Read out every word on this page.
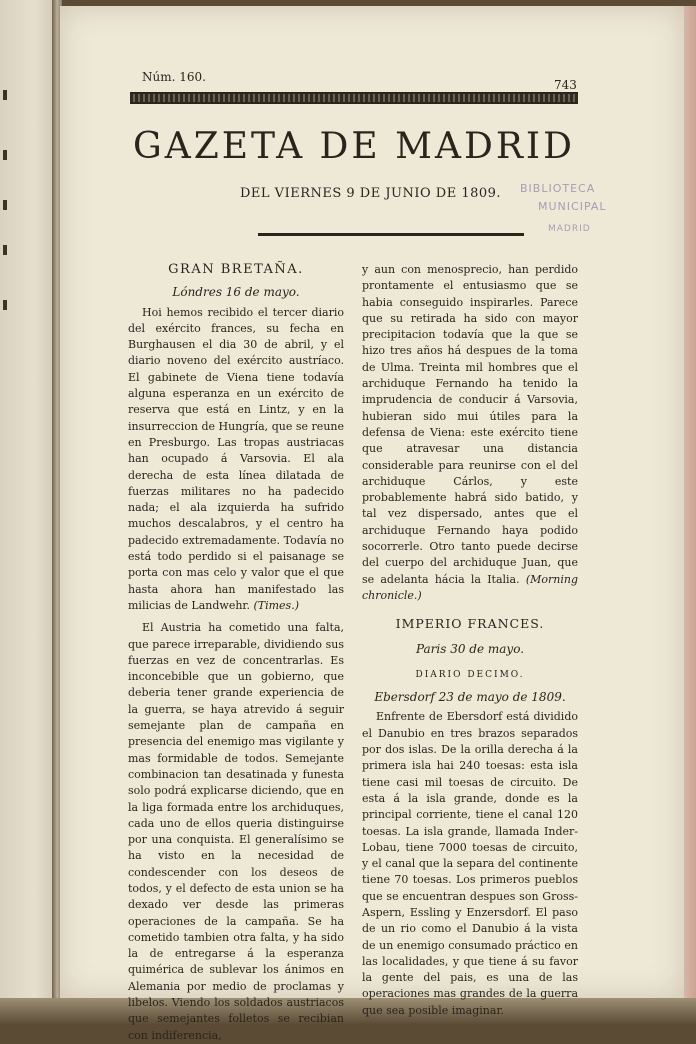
Núm. 160.
743
GAZETA DE MADRID
DEL VIERNES 9 DE JUNIO DE 1809. BIBLIOTECA
MUNICIPAL
MADRID
GRAN BRETAÑA.
Lóndres 16 de mayo.

Hoi hemos recibido el tercer diario del exército frances, su fecha en Burghausen el dia 30 de abril, y el diario noveno del exército austríaco. El gabinete de Viena tiene todavía alguna esperanza en un exército de reserva que está en Lintz, y en la insurreccion de Hungría, que se reune en Presburgo. Las tropas austriacas han ocupado á Varsovia. El ala derecha de esta línea dilatada de fuerzas militares no ha padecido nada; el ala izquierda ha sufrido muchos descalabros, y el centro ha padecido extremadamente. Todavía no está todo perdido si el paisanage se porta con mas celo y valor que el que hasta ahora han manifestado las milicias de Landwehr. (Times.)

El Austria ha cometido una falta, que parece irreparable, dividiendo sus fuerzas en vez de concentrarlas. Es inconcebible que un gobierno, que deberia tener grande experiencia de la guerra, se haya atrevido á seguir semejante plan de campaña en presencia del enemigo mas vigilante y mas formidable de todos. Semejante combinacion tan desatinada y funesta solo podrá explicarse diciendo, que en la liga formada entre los archiduques, cada uno de ellos queria distinguirse por una conquista. El generalísimo se ha visto en la necesidad de condescender con los deseos de todos, y el defecto de esta union se ha dexado ver desde las primeras operaciones de la campaña. Se ha cometido tambien otra falta, y ha sido la de entregarse á la esperanza quimérica de sublevar los ánimos en Alemania por medio de proclamas y libelos. Viendo los soldados austriacos que semejantes folletos se recibian con indiferencia,

y aun con menosprecio, han perdido prontamente el entusiasmo que se habia conseguido inspirarles. Parece que su retirada ha sido con mayor precipitacion todavía que la que se hizo tres años há despues de la toma de Ulma. Treinta mil hombres que el archiduque Fernando ha tenido la imprudencia de conducir á Varsovia, hubieran sido mui útiles para la defensa de Viena: este exército tiene que atravesar una distancia considerable para reunirse con el del archiduque Cárlos, y este probablemente habrá sido batido, y tal vez dispersado, antes que el archiduque Fernando haya podido socorrerle. Otro tanto puede decirse del cuerpo del archiduque Juan, que se adelanta hácia la Italia. (Morning chronicle.)

IMPERIO FRANCES.
Paris 30 de mayo.
DIARIO DECIMO.
Ebersdorf 23 de mayo de 1809.

Enfrente de Ebersdorf está dividido el Danubio en tres brazos separados por dos islas. De la orilla derecha á la primera isla hai 240 toesas: esta isla tiene casi mil toesas de circuito. De esta á la isla grande, donde es la principal corriente, tiene el canal 120 toesas. La isla grande, llamada Inder-Lobau, tiene 7000 toesas de circuito, y el canal que la separa del continente tiene 70 toesas. Los primeros pueblos que se encuentran despues son Gross-Aspern, Essling y Enzersdorf. El paso de un rio como el Danubio á la vista de un enemigo consumado práctico en las localidades, y que tiene á su favor la gente del pais, es una de las operaciones mas grandes de la guerra que sea posible imaginar.
